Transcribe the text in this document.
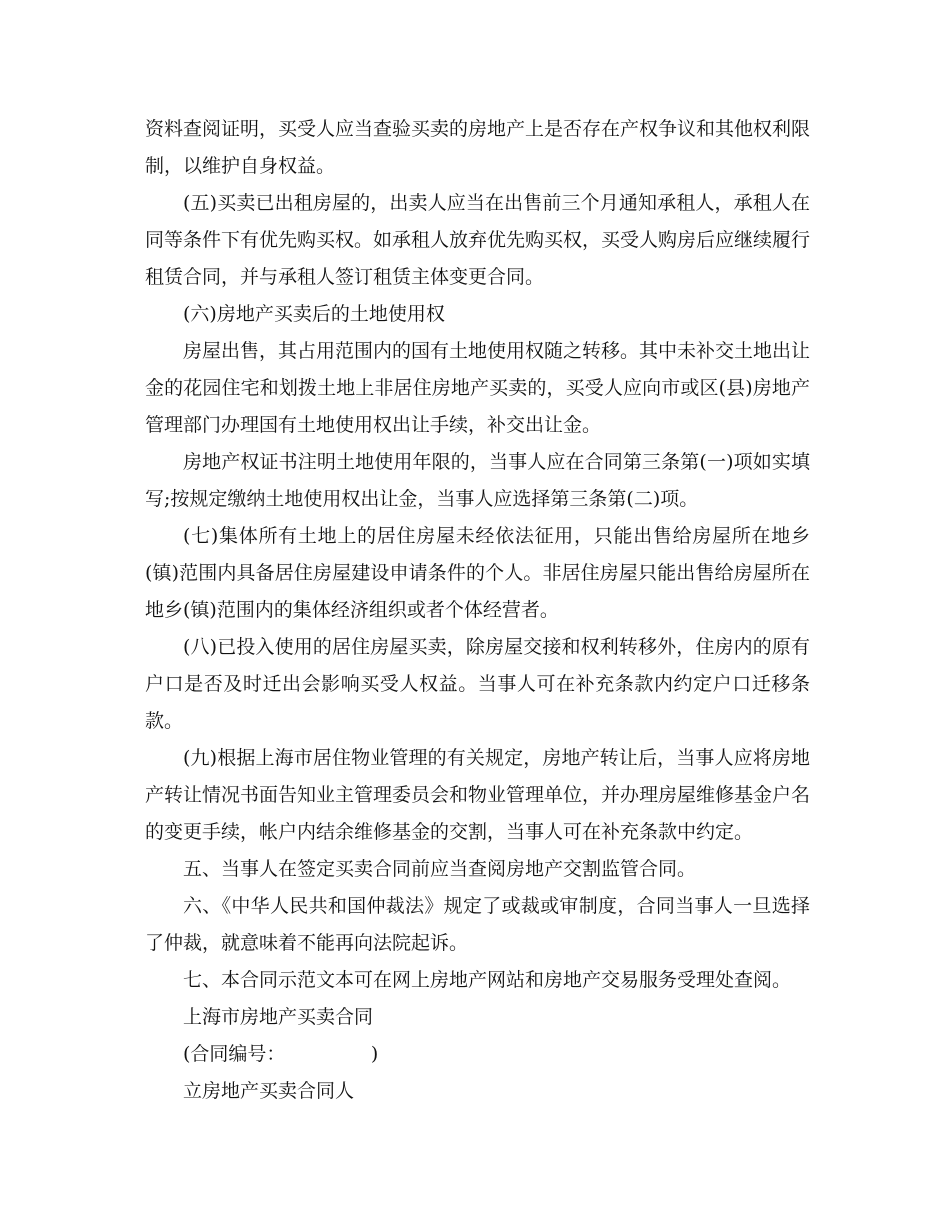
资料查阅证明，买受人应当查验买卖的房地产上是否存在产权争议和其他权利限制，以维护自身权益。

(五)买卖已出租房屋的，出卖人应当在出售前三个月通知承租人，承租人在同等条件下有优先购买权。如承租人放弃优先购买权，买受人购房后应继续履行租赁合同，并与承租人签订租赁主体变更合同。

(六)房地产买卖后的土地使用权

房屋出售，其占用范围内的国有土地使用权随之转移。其中未补交土地出让金的花园住宅和划拨土地上非居住房地产买卖的，买受人应向市或区(县)房地产管理部门办理国有土地使用权出让手续，补交出让金。

房地产权证书注明土地使用年限的，当事人应在合同第三条第(一)项如实填写;按规定缴纳土地使用权出让金，当事人应选择第三条第(二)项。

(七)集体所有土地上的居住房屋未经依法征用，只能出售给房屋所在地乡(镇)范围内具备居住房屋建设申请条件的个人。非居住房屋只能出售给房屋所在地乡(镇)范围内的集体经济组织或者个体经营者。

(八)已投入使用的居住房屋买卖，除房屋交接和权利转移外，住房内的原有户口是否及时迁出会影响买受人权益。当事人可在补充条款内约定户口迁移条款。

(九)根据上海市居住物业管理的有关规定，房地产转让后，当事人应将房地产转让情况书面告知业主管理委员会和物业管理单位，并办理房屋维修基金户名的变更手续，帐户内结余维修基金的交割，当事人可在补充条款中约定。

五、当事人在签定买卖合同前应当查阅房地产交割监管合同。

六、《中华人民共和国仲裁法》规定了或裁或审制度，合同当事人一旦选择了仲裁，就意味着不能再向法院起诉。

七、本合同示范文本可在网上房地产网站和房地产交易服务受理处查阅。

上海市房地产买卖合同

(合同编号：　　　　　)

立房地产买卖合同人
